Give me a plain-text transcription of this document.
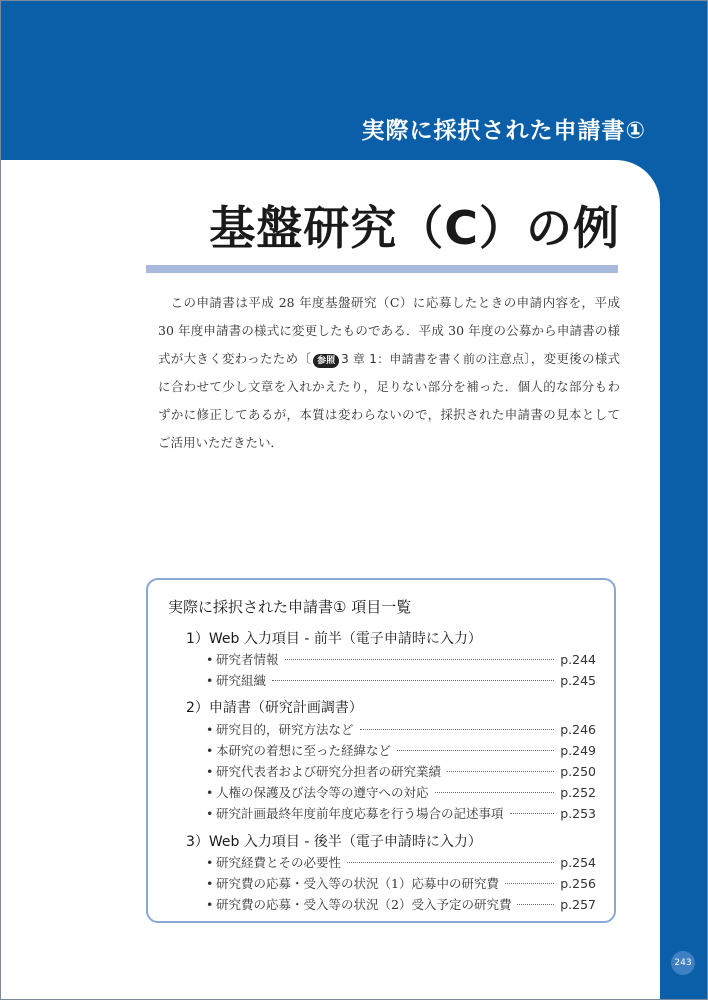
実際に採択された申請書①
基盤研究（C）の例
この申請書は平成 28 年度基盤研究（C）に応募したときの申請内容を，平成 30 年度申請書の様式に変更したものである．平成 30 年度の公募から申請書の様式が大きく変わったため〔 参照 3 章 1：申請書を書く前の注意点〕，変更後の様式に合わせて少し文章を入れかえたり，足りない部分を補った．個人的な部分もわずかに修正してあるが，本質は変わらないので，採択された申請書の見本としてご活用いただきたい．
実際に採択された申請書① 項目一覧
1）Web 入力項目 - 前半（電子申請時に入力）
• 研究者情報	p.244
• 研究組織	p.245
2）申請書（研究計画調書）
• 研究目的，研究方法など	p.246
• 本研究の着想に至った経緯など	p.249
• 研究代表者および研究分担者の研究業績	p.250
• 人権の保護及び法令等の遵守への対応	p.252
• 研究計画最終年度前年度応募を行う場合の記述事項	p.253
3）Web 入力項目 - 後半（電子申請時に入力）
• 研究経費とその必要性	p.254
• 研究費の応募・受入等の状況（1）応募中の研究費	p.256
• 研究費の応募・受入等の状況（2）受入予定の研究費	p.257
243
